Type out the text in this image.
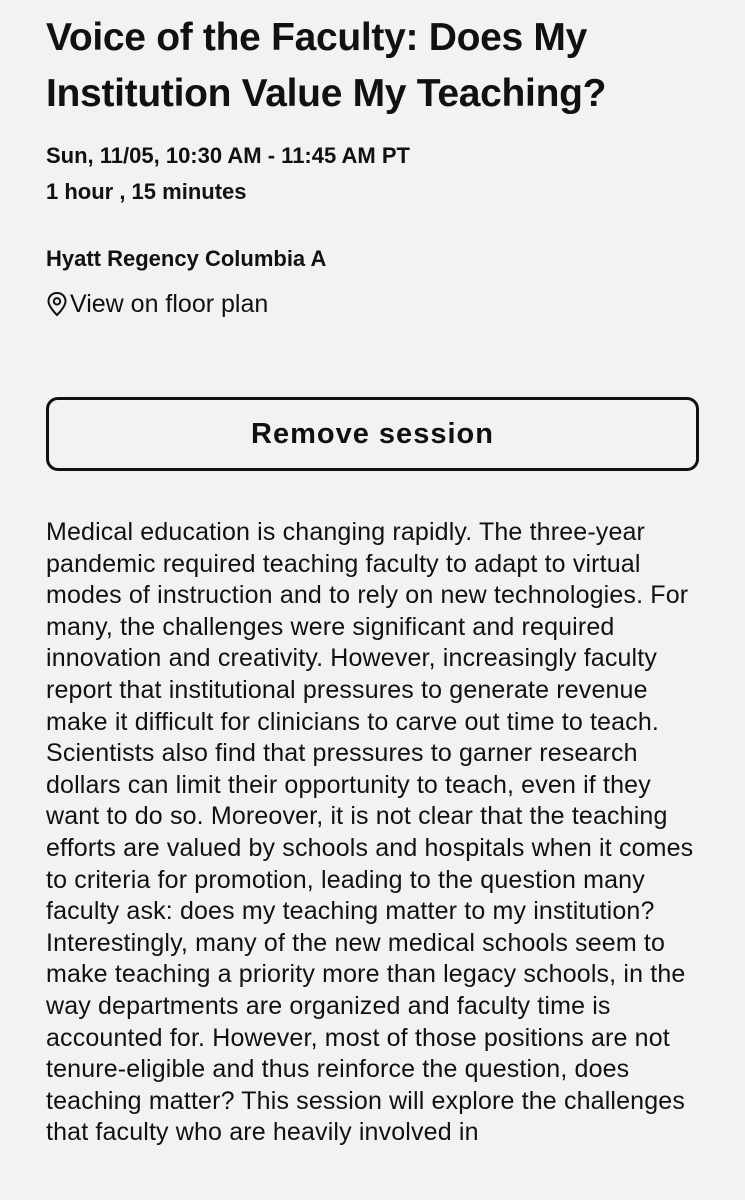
Voice of the Faculty: Does My Institution Value My Teaching?
Sun, 11/05, 10:30 AM - 11:45 AM PT
1 hour , 15 minutes
Hyatt Regency Columbia A
View on floor plan
Remove session

Medical education is changing rapidly. The three-year pandemic required teaching faculty to adapt to virtual modes of instruction and to rely on new technologies. For many, the challenges were significant and required innovation and creativity. However, increasingly faculty report that institutional pressures to generate revenue make it difficult for clinicians to carve out time to teach. Scientists also find that pressures to garner research dollars can limit their opportunity to teach, even if they want to do so. Moreover, it is not clear that the teaching efforts are valued by schools and hospitals when it comes to criteria for promotion, leading to the question many faculty ask: does my teaching matter to my institution? Interestingly, many of the new medical schools seem to make teaching a priority more than legacy schools, in the way departments are organized and faculty time is accounted for. However, most of those positions are not tenure-eligible and thus reinforce the question, does teaching matter? This session will explore the challenges that faculty who are heavily involved in
